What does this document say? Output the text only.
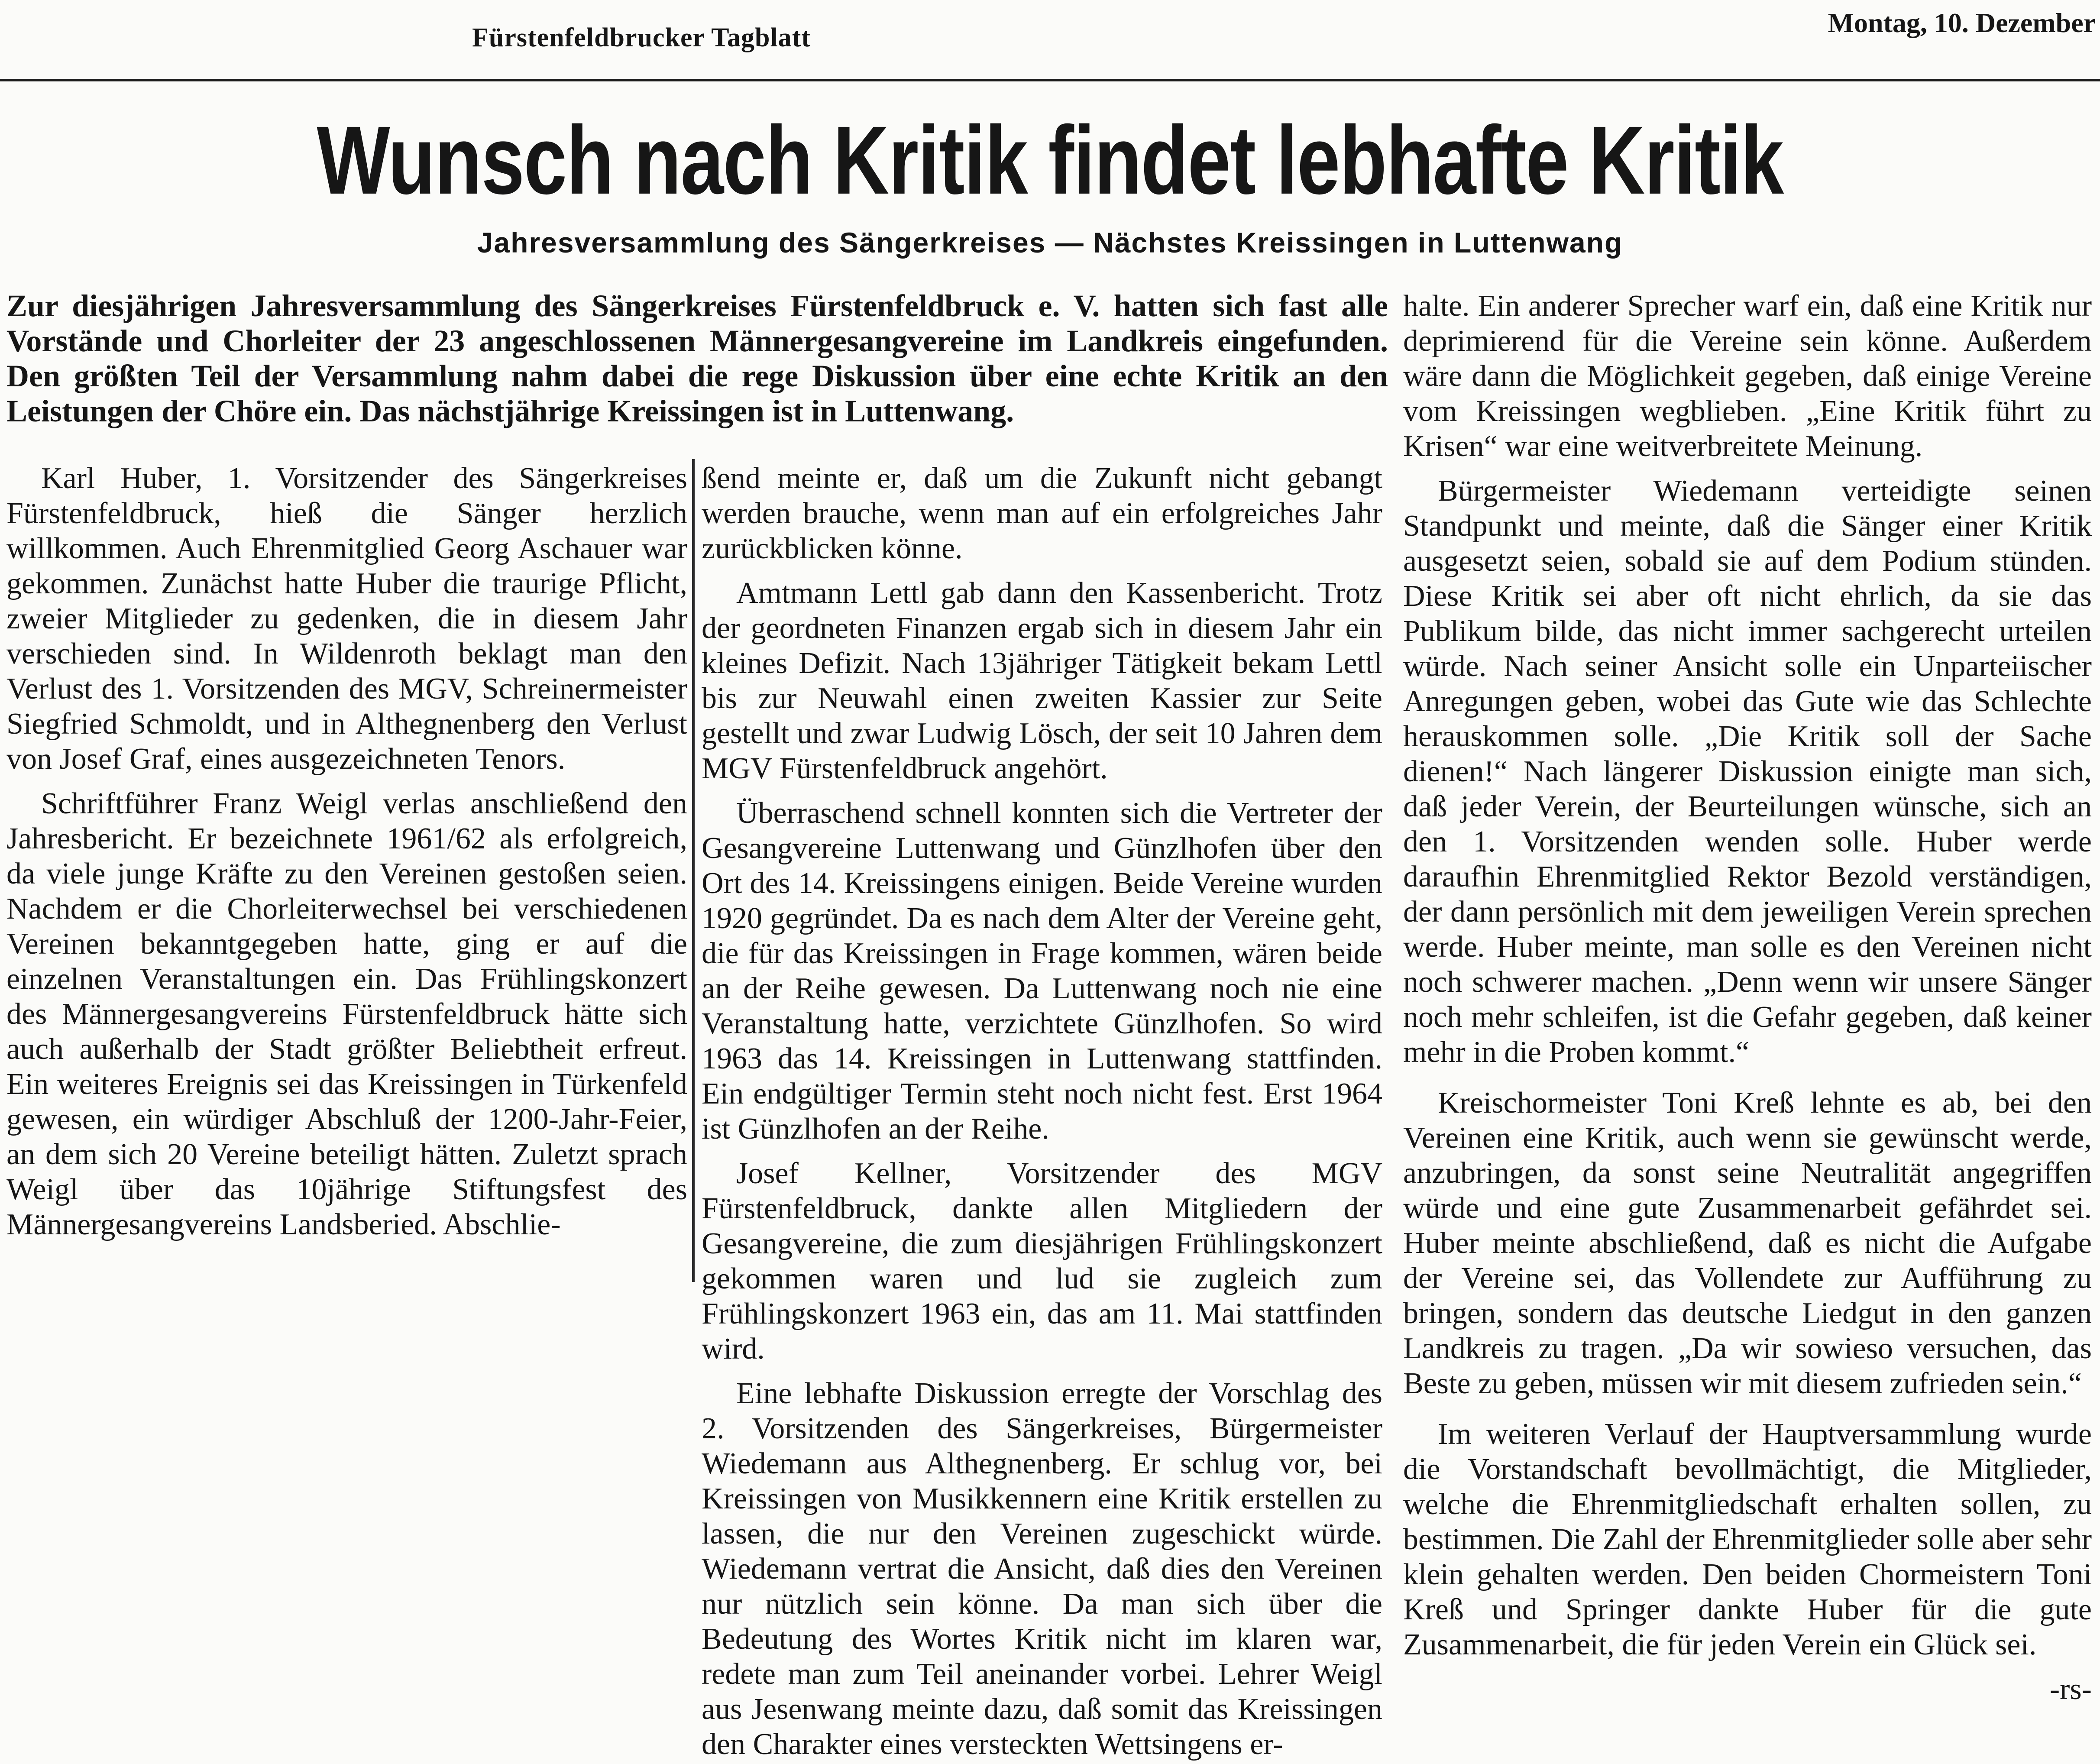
Fürstenfeldbrucker Tagblatt	Montag, 10. Dezember
Wunsch nach Kritik findet lebhafte Kritik
Jahresversammlung des Sängerkreises — Nächstes Kreissingen in Luttenwang
Zur diesjährigen Jahresversammlung des Sängerkreises Fürstenfeldbruck e. V. hatten sich fast alle Vorstände und Chorleiter der 23 angeschlossenen Männergesangvereine im Landkreis eingefunden. Den größten Teil der Versammlung nahm dabei die rege Diskussion über eine echte Kritik an den Leistungen der Chöre ein. Das nächstjährige Kreissingen ist in Luttenwang.

Karl Huber, 1. Vorsitzender des Sängerkreises Fürstenfeldbruck, hieß die Sänger herzlich willkommen. Auch Ehrenmitglied Georg Aschauer war gekommen. Zunächst hatte Huber die traurige Pflicht, zweier Mitglieder zu gedenken, die in diesem Jahr verschieden sind. In Wildenroth beklagt man den Verlust des 1. Vorsitzenden des MGV, Schreinermeister Siegfried Schmoldt, und in Althegnenberg den Verlust von Josef Graf, eines ausgezeichneten Tenors.

Schriftführer Franz Weigl verlas anschließend den Jahresbericht. Er bezeichnete 1961/62 als erfolgreich, da viele junge Kräfte zu den Vereinen gestoßen seien. Nachdem er die Chorleiterwechsel bei verschiedenen Vereinen bekanntgegeben hatte, ging er auf die einzelnen Veranstaltungen ein. Das Frühlingskonzert des Männergesangvereins Fürstenfeldbruck hätte sich auch außerhalb der Stadt größter Beliebtheit erfreut. Ein weiteres Ereignis sei das Kreissingen in Türkenfeld gewesen, ein würdiger Abschluß der 1200-Jahr-Feier, an dem sich 20 Vereine beteiligt hätten. Zuletzt sprach Weigl über das 10jährige Stiftungsfest des Männergesangvereins Landsberied. Abschlie-

ßend meinte er, daß um die Zukunft nicht gebangt werden brauche, wenn man auf ein erfolgreiches Jahr zurückblicken könne.

Amtmann Lettl gab dann den Kassenbericht. Trotz der geordneten Finanzen ergab sich in diesem Jahr ein kleines Defizit. Nach 13jähriger Tätigkeit bekam Lettl bis zur Neuwahl einen zweiten Kassier zur Seite gestellt und zwar Ludwig Lösch, der seit 10 Jahren dem MGV Fürstenfeldbruck angehört.

Überraschend schnell konnten sich die Vertreter der Gesangvereine Luttenwang und Günzlhofen über den Ort des 14. Kreissingens einigen. Beide Vereine wurden 1920 gegründet. Da es nach dem Alter der Vereine geht, die für das Kreissingen in Frage kommen, wären beide an der Reihe gewesen. Da Luttenwang noch nie eine Veranstaltung hatte, verzichtete Günzlhofen. So wird 1963 das 14. Kreissingen in Luttenwang stattfinden. Ein endgültiger Termin steht noch nicht fest. Erst 1964 ist Günzlhofen an der Reihe.

Josef Kellner, Vorsitzender des MGV Fürstenfeldbruck, dankte allen Mitgliedern der Gesangvereine, die zum diesjährigen Frühlingskonzert gekommen waren und lud sie zugleich zum Frühlingskonzert 1963 ein, das am 11. Mai stattfinden wird.

Eine lebhafte Diskussion erregte der Vorschlag des 2. Vorsitzenden des Sängerkreises, Bürgermeister Wiedemann aus Althegnenberg. Er schlug vor, bei Kreissingen von Musikkennern eine Kritik erstellen zu lassen, die nur den Vereinen zugeschickt würde. Wiedemann vertrat die Ansicht, daß dies den Vereinen nur nützlich sein könne. Da man sich über die Bedeutung des Wortes Kritik nicht im klaren war, redete man zum Teil aneinander vorbei. Lehrer Weigl aus Jesenwang meinte dazu, daß somit das Kreissingen den Charakter eines versteckten Wettsingens er-

halte. Ein anderer Sprecher warf ein, daß eine Kritik nur deprimierend für die Vereine sein könne. Außerdem wäre dann die Möglichkeit gegeben, daß einige Vereine vom Kreissingen wegblieben. „Eine Kritik führt zu Krisen“ war eine weitverbreitete Meinung.

Bürgermeister Wiedemann verteidigte seinen Standpunkt und meinte, daß die Sänger einer Kritik ausgesetzt seien, sobald sie auf dem Podium stünden. Diese Kritik sei aber oft nicht ehrlich, da sie das Publikum bilde, das nicht immer sachgerecht urteilen würde. Nach seiner Ansicht solle ein Unparteiischer Anregungen geben, wobei das Gute wie das Schlechte herauskommen solle. „Die Kritik soll der Sache dienen!“ Nach längerer Diskussion einigte man sich, daß jeder Verein, der Beurteilungen wünsche, sich an den 1. Vorsitzenden wenden solle. Huber werde daraufhin Ehrenmitglied Rektor Bezold verständigen, der dann persönlich mit dem jeweiligen Verein sprechen werde. Huber meinte, man solle es den Vereinen nicht noch schwerer machen. „Denn wenn wir unsere Sänger noch mehr schleifen, ist die Gefahr gegeben, daß keiner mehr in die Proben kommt.“

Kreischormeister Toni Kreß lehnte es ab, bei den Vereinen eine Kritik, auch wenn sie gewünscht werde, anzubringen, da sonst seine Neutralität angegriffen würde und eine gute Zusammenarbeit gefährdet sei. Huber meinte abschließend, daß es nicht die Aufgabe der Vereine sei, das Vollendete zur Aufführung zu bringen, sondern das deutsche Liedgut in den ganzen Landkreis zu tragen. „Da wir sowieso versuchen, das Beste zu geben, müssen wir mit diesem zufrieden sein.“

Im weiteren Verlauf der Hauptversammlung wurde die Vorstandschaft bevollmächtigt, die Mitglieder, welche die Ehrenmitgliedschaft erhalten sollen, zu bestimmen. Die Zahl der Ehrenmitglieder solle aber sehr klein gehalten werden. Den beiden Chormeistern Toni Kreß und Springer dankte Huber für die gute Zusammenarbeit, die für jeden Verein ein Glück sei.

-rs-
